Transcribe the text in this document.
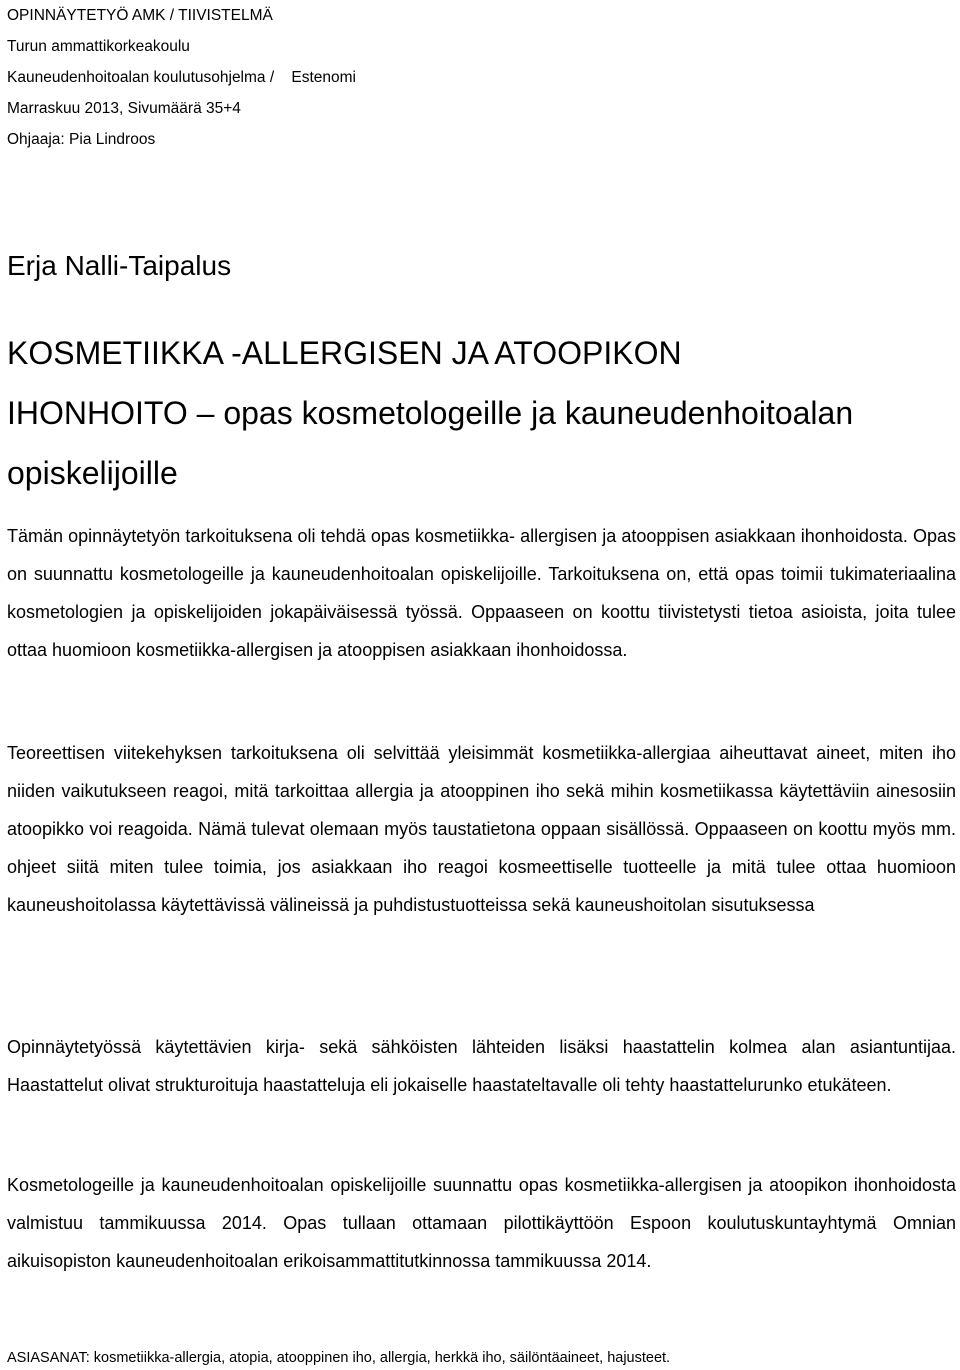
OPINNÄYTETYÖ AMK / TIIVISTELMÄ
Turun ammattikorkeakoulu
Kauneudenhoitoalan koulutusohjelma /    Estenomi
Marraskuu 2013, Sivumäärä 35+4
Ohjaaja: Pia Lindroos
Erja Nalli-Taipalus
KOSMETIIKKA -ALLERGISEN JA ATOOPIKON
IHONHOITO – opas kosmetologeille ja kauneudenhoitoalan
opiskelijoille

Tämän opinnäytetyön tarkoituksena oli tehdä opas kosmetiikka- allergisen ja atooppisen asiakkaan ihonhoidosta. Opas on suunnattu kosmetologeille ja kauneudenhoitoalan opiskelijoille. Tarkoituksena on, että opas toimii tukimateriaalina kosmetologien ja opiskelijoiden jokapäiväisessä työssä. Oppaaseen on koottu tiivistetysti tietoa asioista, joita tulee ottaa huomioon kosmetiikka-allergisen ja atooppisen asiakkaan ihonhoidossa.

Teoreettisen viitekehyksen tarkoituksena oli selvittää yleisimmät kosmetiikka-allergiaa aiheuttavat aineet, miten iho niiden vaikutukseen reagoi, mitä tarkoittaa allergia ja atooppinen iho sekä mihin kosmetiikassa käytettäviin ainesosiin atoopikko voi reagoida. Nämä tulevat olemaan myös taustatietona oppaan sisällössä. Oppaaseen on koottu myös mm. ohjeet siitä miten tulee toimia, jos asiakkaan iho reagoi kosmeettiselle tuotteelle ja mitä tulee ottaa huomioon kauneushoitolassa käytettävissä välineissä ja puhdistustuotteissa sekä kauneushoitolan sisutuksessa

Opinnäytetyössä käytettävien kirja- sekä sähköisten lähteiden lisäksi haastattelin kolmea alan asiantuntijaa. Haastattelut olivat strukturoituja haastatteluja eli jokaiselle haastateltavalle oli tehty haastattelurunko etukäteen.

Kosmetologeille ja kauneudenhoitoalan opiskelijoille suunnattu opas kosmetiikka-allergisen ja atoopikon ihonhoidosta valmistuu tammikuussa 2014. Opas tullaan ottamaan pilottikäyttöön Espoon koulutuskuntayhtymä Omnian aikuisopiston kauneudenhoitoalan erikoisammattitutkinnossa tammikuussa 2014.

ASIASANAT: kosmetiikka-allergia, atopia, atooppinen iho, allergia, herkkä iho, säilöntäaineet, hajusteet.
